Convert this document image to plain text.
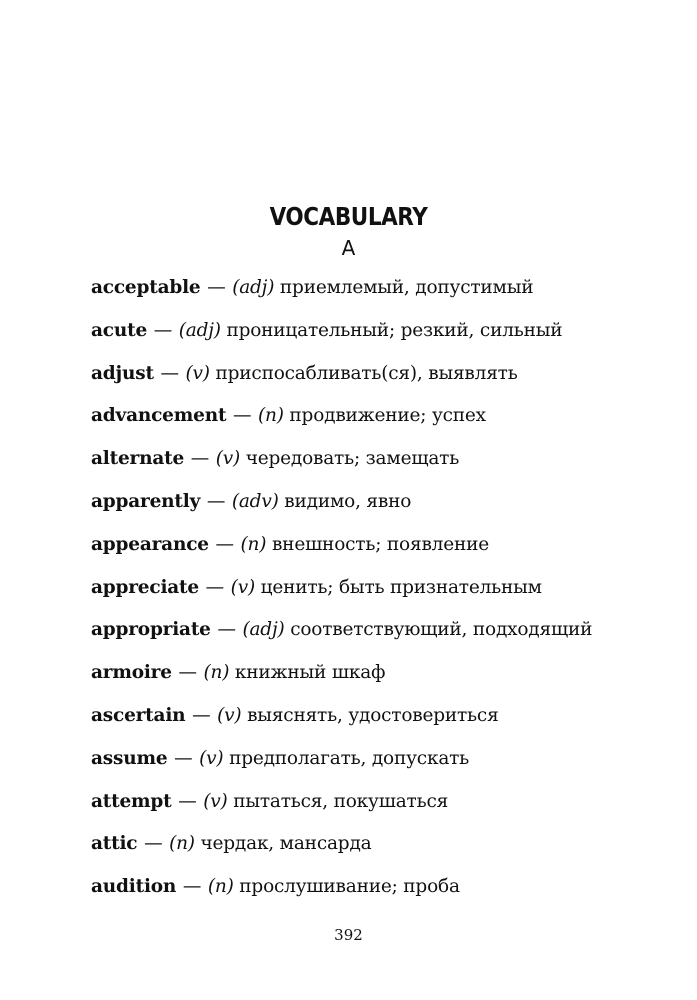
VOCABULARY
A
acceptable — (adj) приемлемый, допустимый
acute — (adj) проницательный; резкий, сильный
adjust — (v) приспосабливать(ся), выявлять
advancement — (n) продвижение; успех
alternate — (v) чередовать; замещать
apparently — (adv) видимо, явно
appearance — (n) внешность; появление
appreciate — (v) ценить; быть признательным
appropriate — (adj) соответствующий, подходящий
armoire — (n) книжный шкаф
ascertain — (v) выяснять, удостовериться
assume — (v) предполагать, допускать
attempt — (v) пытаться, покушаться
attic — (n) чердак, мансарда
audition — (n) прослушивание; проба
392
